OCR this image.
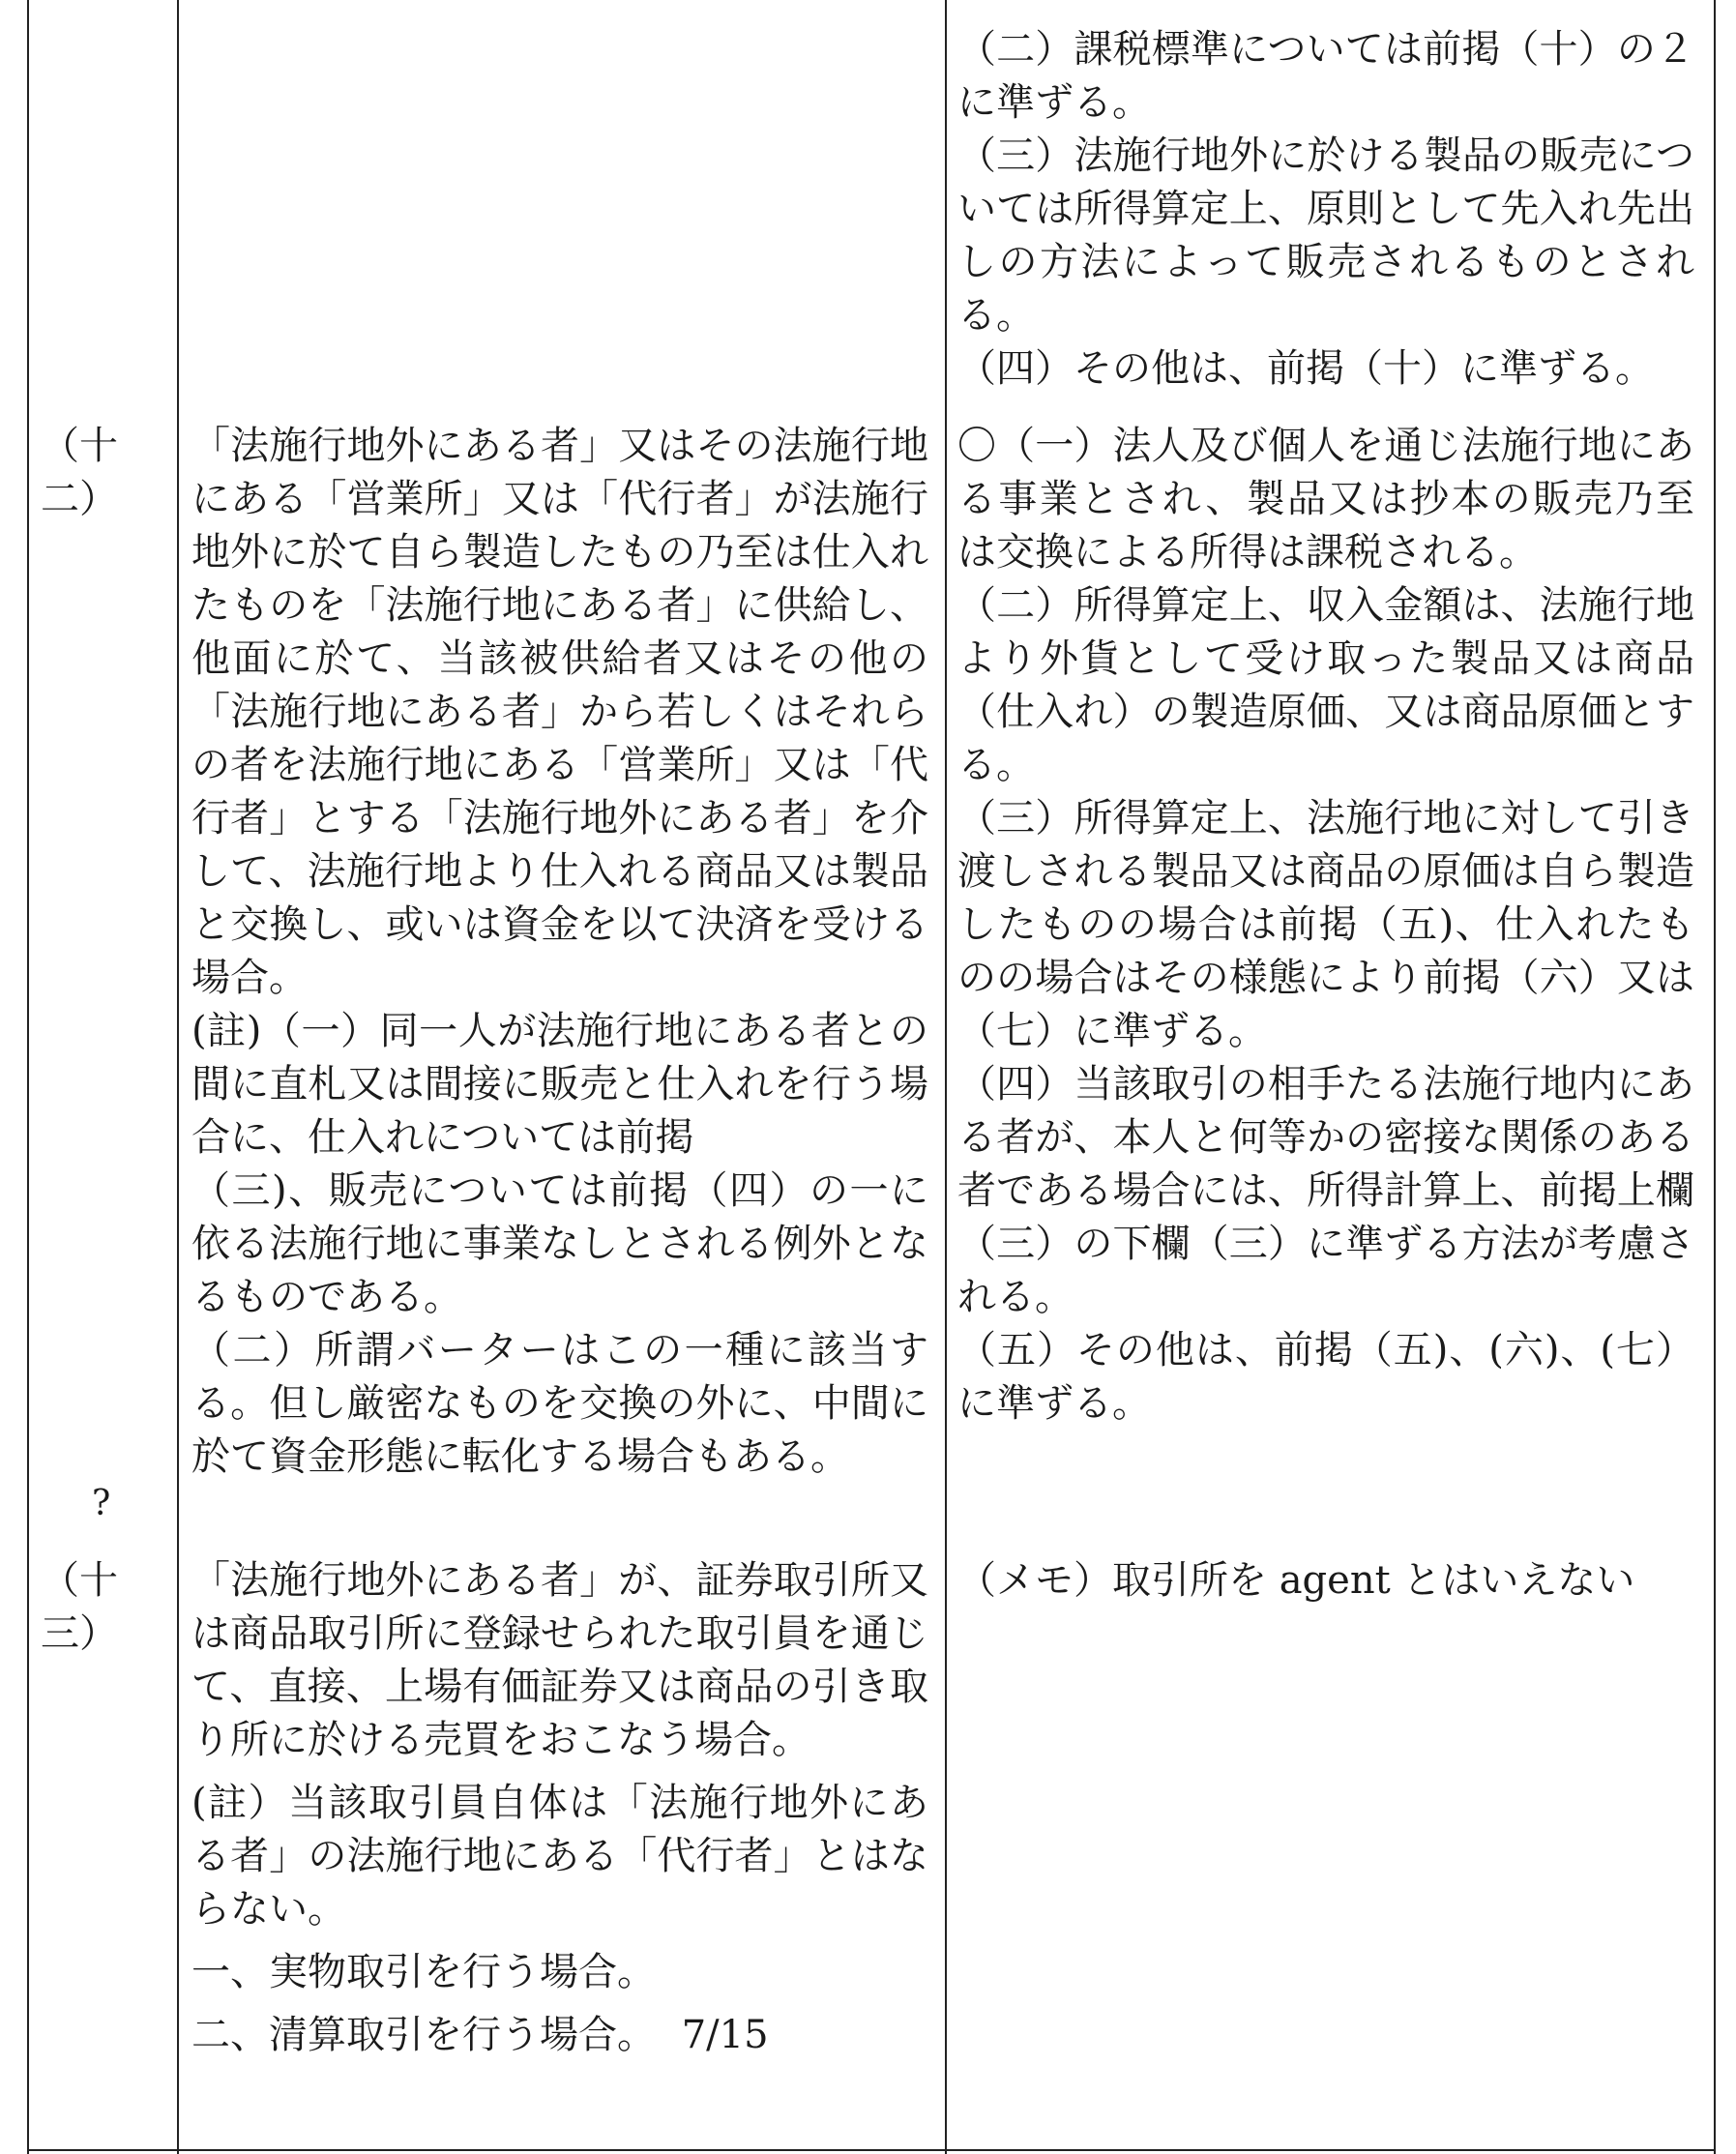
（二）課税標準については前掲（十）の２に準ずる。

（三）法施行地外に於ける製品の販売については所得算定上、原則として先入れ先出しの方法によって販売されるものとされる。

（四）その他は、前掲（十）に準ずる。

（十二）

「法施行地外にある者」又はその法施行地にある「営業所」又は「代行者」が法施行地外に於て自ら製造したもの乃至は仕入れたものを「法施行地にある者」に供給し、他面に於て、当該被供給者又はその他の「法施行地にある者」から若しくはそれらの者を法施行地にある「営業所」又は「代行者」とする「法施行地外にある者」を介して、法施行地より仕入れる商品又は製品と交換し、或いは資金を以て決済を受ける場合。

(註)（一）同一人が法施行地にある者との間に直札又は間接に販売と仕入れを行う場合に、仕入れについては前掲

（三)、販売については前掲（四）の一に依る法施行地に事業なしとされる例外となるものである。

（二）所謂バーターはこの一種に該当する。但し厳密なものを交換の外に、中間に於て資金形態に転化する場合もある。

〇（一）法人及び個人を通じ法施行地にある事業とされ、製品又は抄本の販売乃至は交換による所得は課税される。

（二）所得算定上、収入金額は、法施行地より外貨として受け取った製品又は商品（仕入れ）の製造原価、又は商品原価とする。

（三）所得算定上、法施行地に対して引き渡しされる製品又は商品の原価は自ら製造したものの場合は前掲（五)、仕入れたものの場合はその様態により前掲（六）又は（七）に準ずる。

（四）当該取引の相手たる法施行地内にある者が、本人と何等かの密接な関係のある者である場合には、所得計算上、前掲上欄（三）の下欄（三）に準ずる方法が考慮される。

（五）その他は、前掲（五)、(六)、(七）に準ずる。

?
（十三）

「法施行地外にある者」が、証券取引所又は商品取引所に登録せられた取引員を通じて、直接、上場有価証券又は商品の引き取り所に於ける売買をおこなう場合。

(註）当該取引員自体は「法施行地外にある者」の法施行地にある「代行者」とはならない。

一、実物取引を行う場合。

二、清算取引を行う場合。 7/15

（メモ）取引所を agent とはいえない
